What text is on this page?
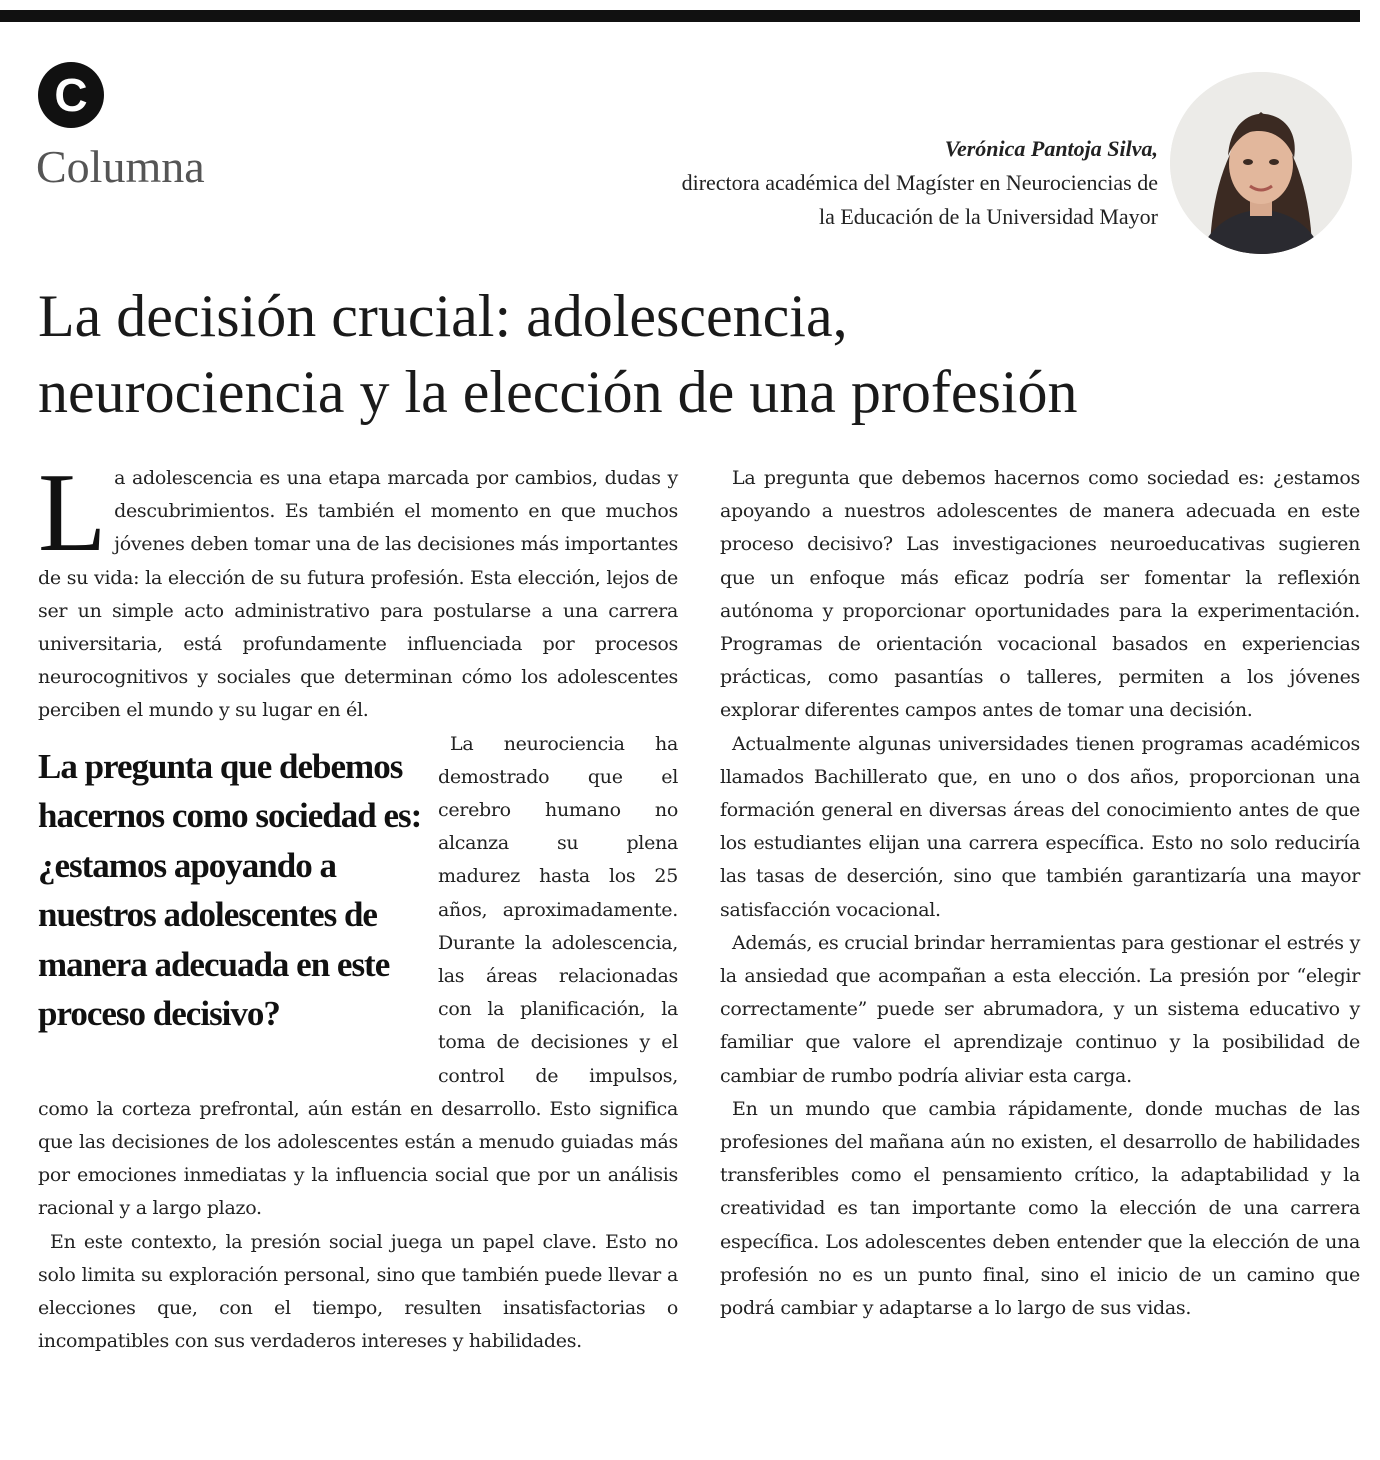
C
Columna	Verónica Pantoja Silva,
directora académica del Magíster en Neurociencias de
la Educación de la Universidad Mayor
La decisión crucial: adolescencia,
neurociencia y la elección de una profesión

La adolescencia es una etapa marcada por cambios, dudas y descubrimientos. Es también el momento en que muchos jóvenes deben tomar una de las decisiones más importantes de su vida: la elección de su futura profesión. Esta elección, lejos de ser un simple acto administrativo para postularse a una carrera universitaria, está profundamente influenciada por procesos neurocognitivos y sociales que determinan cómo los adolescentes perciben el mundo y su lugar en él.

La pregunta que debemos hacernos como sociedad es: ¿estamos apoyando a nuestros adolescentes de manera adecuada en este proceso decisivo?

La neurociencia ha demostrado que el cerebro humano no alcanza su plena madurez hasta los 25 años, aproximadamente. Durante la adolescencia, las áreas relacionadas con la planificación, la toma de decisiones y el control de impulsos, como la corteza prefrontal, aún están en desarrollo. Esto significa que las decisiones de los adolescentes están a menudo guiadas más por emociones inmediatas y la influencia social que por un análisis racional y a largo plazo.

En este contexto, la presión social juega un papel clave. Esto no solo limita su exploración personal, sino que también puede llevar a elecciones que, con el tiempo, resulten insatisfactorias o incompatibles con sus verdaderos intereses y habilidades.

La pregunta que debemos hacernos como sociedad es: ¿estamos apoyando a nuestros adolescentes de manera adecuada en este proceso decisivo? Las investigaciones neuroeducativas sugieren que un enfoque más eficaz podría ser fomentar la reflexión autónoma y proporcionar oportunidades para la experimentación. Programas de orientación vocacional basados en experiencias prácticas, como pasantías o talleres, permiten a los jóvenes explorar diferentes campos antes de tomar una decisión.

Actualmente algunas universidades tienen programas académicos llamados Bachillerato que, en uno o dos años, proporcionan una formación general en diversas áreas del conocimiento antes de que los estudiantes elijan una carrera específica. Esto no solo reduciría las tasas de deserción, sino que también garantizaría una mayor satisfacción vocacional.

Además, es crucial brindar herramientas para gestionar el estrés y la ansiedad que acompañan a esta elección. La presión por “elegir correctamente” puede ser abrumadora, y un sistema educativo y familiar que valore el aprendizaje continuo y la posibilidad de cambiar de rumbo podría aliviar esta carga.

En un mundo que cambia rápidamente, donde muchas de las profesiones del mañana aún no existen, el desarrollo de habilidades transferibles como el pensamiento crítico, la adaptabilidad y la creatividad es tan importante como la elección de una carrera específica. Los adolescentes deben entender que la elección de una profesión no es un punto final, sino el inicio de un camino que podrá cambiar y adaptarse a lo largo de sus vidas.
